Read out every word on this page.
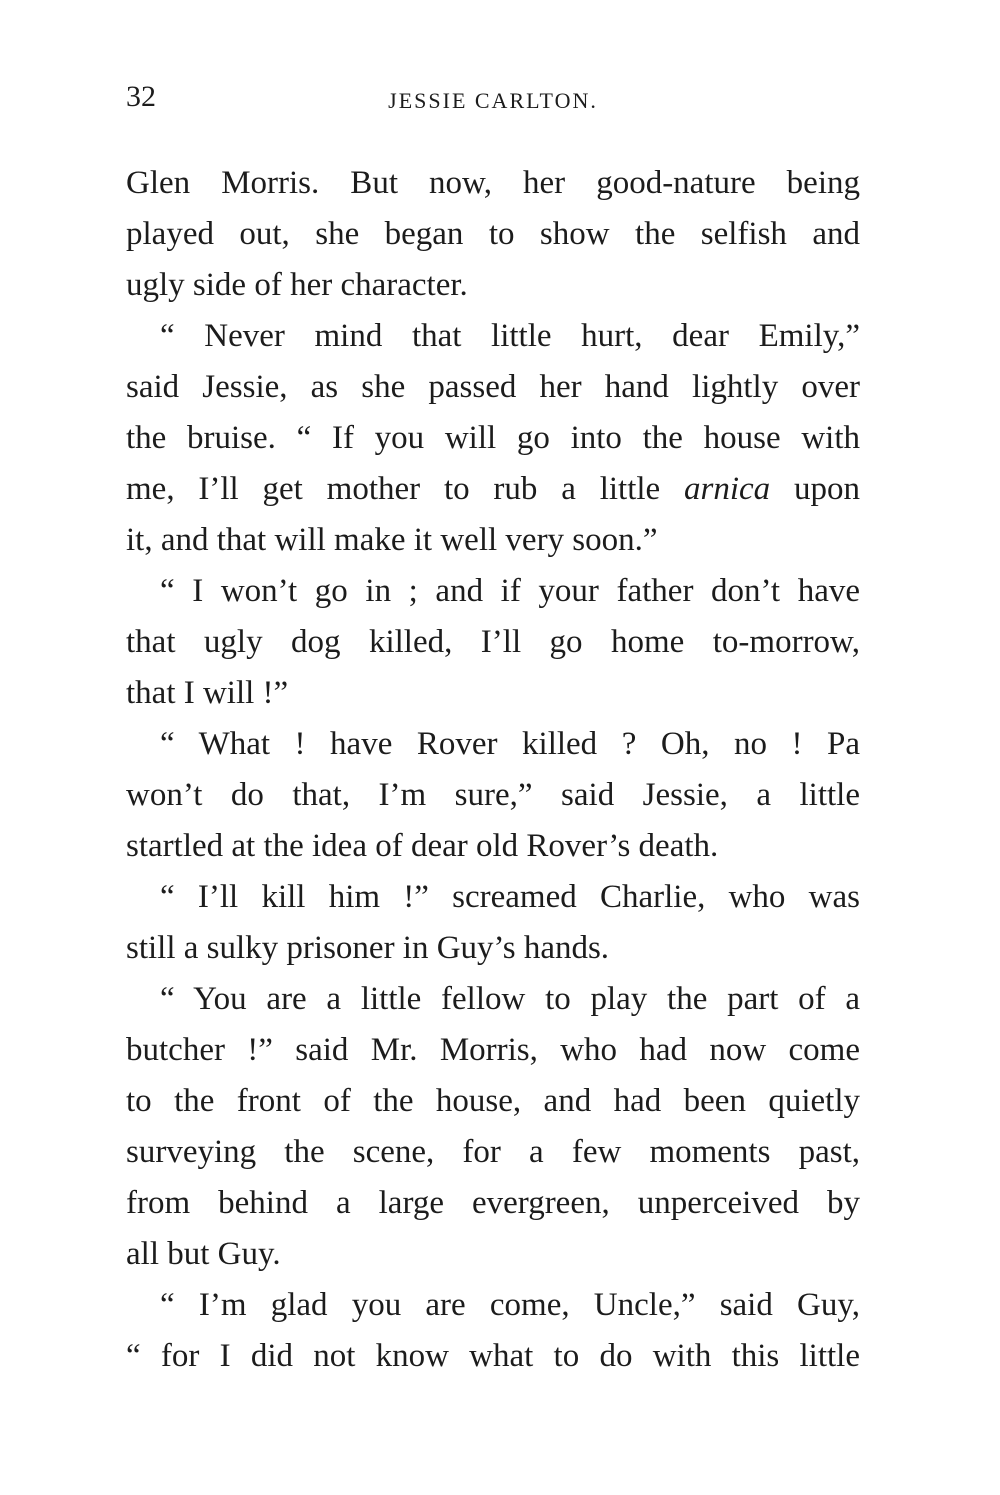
32	JESSIE CARLTON.
Glen Morris. But now, her good-nature being
played out, she began to show the selfish and
ugly side of her character.
“ Never mind that little hurt, dear Emily,”
said Jessie, as she passed her hand lightly over
the bruise. “ If you will go into the house with
me, I’ll get mother to rub a little arnica upon
it, and that will make it well very soon.”
“ I won’t go in ; and if your father don’t have
that ugly dog killed, I’ll go home to-morrow,
that I will !”
“ What ! have Rover killed ? Oh, no ! Pa
won’t do that, I’m sure,” said Jessie, a little
startled at the idea of dear old Rover’s death.
“ I’ll kill him !” screamed Charlie, who was
still a sulky prisoner in Guy’s hands.
“ You are a little fellow to play the part of a
butcher !” said Mr. Morris, who had now come
to the front of the house, and had been quietly
surveying the scene, for a few moments past,
from behind a large evergreen, unperceived by
all but Guy.
“ I’m glad you are come, Uncle,” said Guy,
“ for I did not know what to do with this little
